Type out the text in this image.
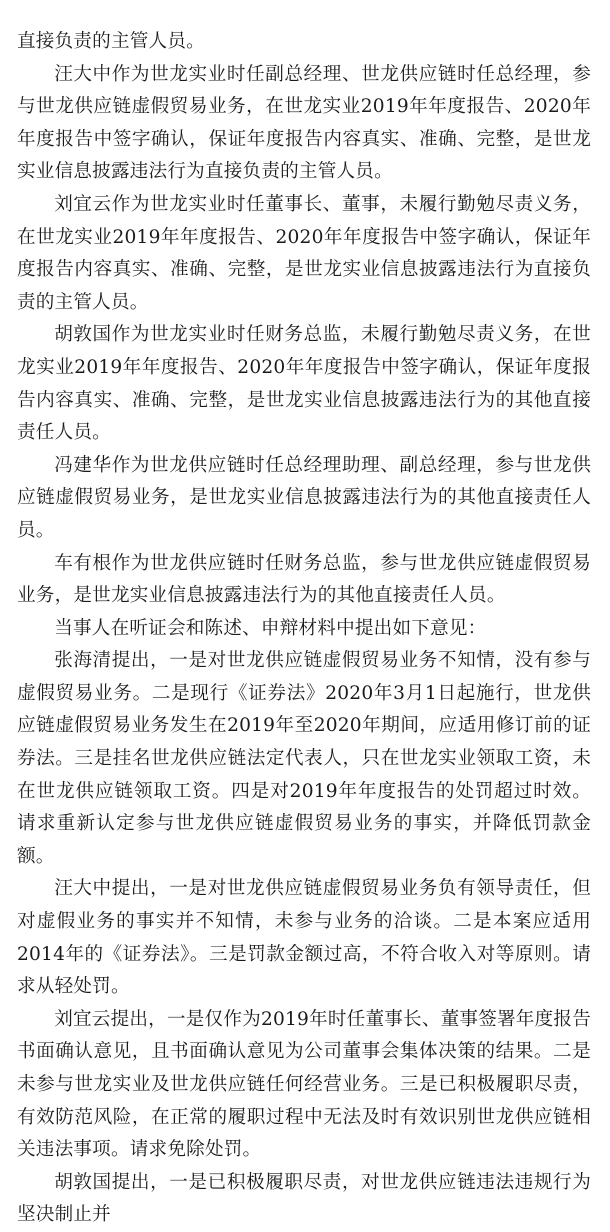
直接负责的主管人员。

汪大中作为世龙实业时任副总经理、世龙供应链时任总经理，参与世龙供应链虚假贸易业务，在世龙实业2019年年度报告、2020年年度报告中签字确认，保证年度报告内容真实、准确、完整，是世龙实业信息披露违法行为直接负责的主管人员。

刘宜云作为世龙实业时任董事长、董事，未履行勤勉尽责义务，在世龙实业2019年年度报告、2020年年度报告中签字确认，保证年度报告内容真实、准确、完整，是世龙实业信息披露违法行为直接负责的主管人员。

胡敦国作为世龙实业时任财务总监，未履行勤勉尽责义务，在世龙实业2019年年度报告、2020年年度报告中签字确认，保证年度报告内容真实、准确、完整，是世龙实业信息披露违法行为的其他直接责任人员。

冯建华作为世龙供应链时任总经理助理、副总经理，参与世龙供应链虚假贸易业务，是世龙实业信息披露违法行为的其他直接责任人员。

车有根作为世龙供应链时任财务总监，参与世龙供应链虚假贸易业务，是世龙实业信息披露违法行为的其他直接责任人员。

当事人在听证会和陈述、申辩材料中提出如下意见：

张海清提出，一是对世龙供应链虚假贸易业务不知情，没有参与虚假贸易业务。二是现行《证券法》2020年3月1日起施行，世龙供应链虚假贸易业务发生在2019年至2020年期间，应适用修订前的证券法。三是挂名世龙供应链法定代表人，只在世龙实业领取工资，未在世龙供应链领取工资。四是对2019年年度报告的处罚超过时效。请求重新认定参与世龙供应链虚假贸易业务的事实，并降低罚款金额。

汪大中提出，一是对世龙供应链虚假贸易业务负有领导责任，但对虚假业务的事实并不知情，未参与业务的洽谈。二是本案应适用2014年的《证券法》。三是罚款金额过高，不符合收入对等原则。请求从轻处罚。

刘宜云提出，一是仅作为2019年时任董事长、董事签署年度报告书面确认意见，且书面确认意见为公司董事会集体决策的结果。二是未参与世龙实业及世龙供应链任何经营业务。三是已积极履职尽责，有效防范风险，在正常的履职过程中无法及时有效识别世龙供应链相关违法事项。请求免除处罚。

胡敦国提出，一是已积极履职尽责，对世龙供应链违法违规行为坚决制止并
